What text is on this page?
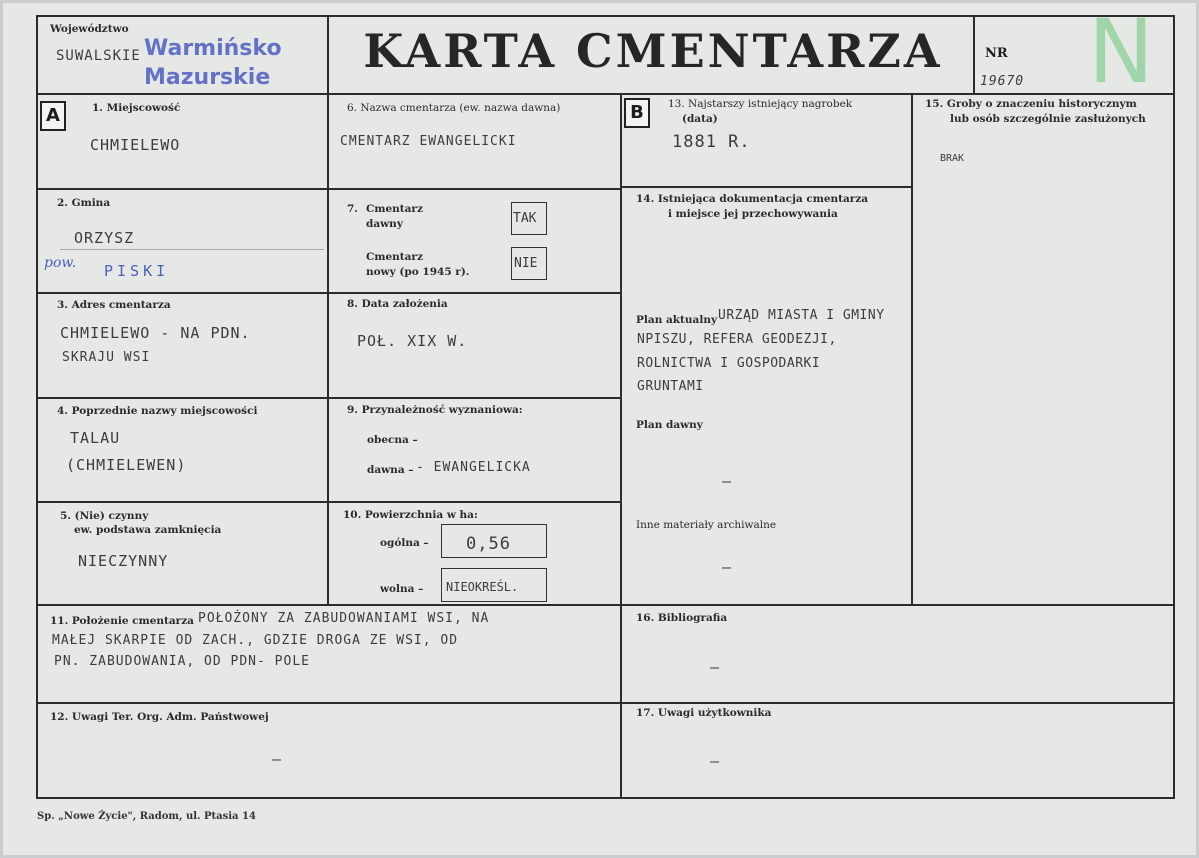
Województwo
SUWALSKIE Warmińsko
Mazurskie	KARTA CMENTARZA	NR
19670 N
A	B
1. Miejscowość
CHMIELEWO
2. Gmina
ORZYSZ
pow. PISKI
3. Adres cmentarza
CHMIELEWO - NA PDN.
SKRAJU WSI
4. Poprzednie nazwy miejscowości
TALAU
(CHMIELEWEN)
5. (Nie) czynny
ew. podstawa zamknięcia
NIECZYNNY
6. Nazwa cmentarza (ew. nazwa dawna)
CMENTARZ EWANGELICKI
7. Cmentarz
dawny	TAK
Cmentarz
nowy (po 1945 r).
NIE
8. Data założenia
POŁ. XIX W.
9. Przynależność wyznaniowa:
obecna –
dawna – - EWANGELICKA
10. Powierzchnia w ha:
ogólna – 0,56
wolna – NIEOKREŚL.
11. Położenie cmentarza POŁOŻONY ZA ZABUDOWANIAMI WSI, NA
MAŁEJ SKARPIE OD ZACH., GDZIE DROGA ZE WSI, OD
PN. ZABUDOWANIA, OD PDN- POLE
12. Uwagi Ter. Org. Adm. Państwowej
–
13. Najstarszy istniejący nagrobek
(data)
1881 R.
14. Istniejąca dokumentacja cmentarza
i miejsce jej przechowywania
Plan aktualny URZĄD MIASTA I GMINY
NPISZU, REFERA GEODEZJI,
ROLNICTWA I GOSPODARKI
GRUNTAMI
Plan dawny
–
Inne materiały archiwalne
–
15. Groby o znaczeniu historycznym
lub osób szczególnie zasłużonych
BRAK
16. Bibliografia
–
17. Uwagi użytkownika
–
Sp. „Nowe Życie", Radom, ul. Ptasia 14
